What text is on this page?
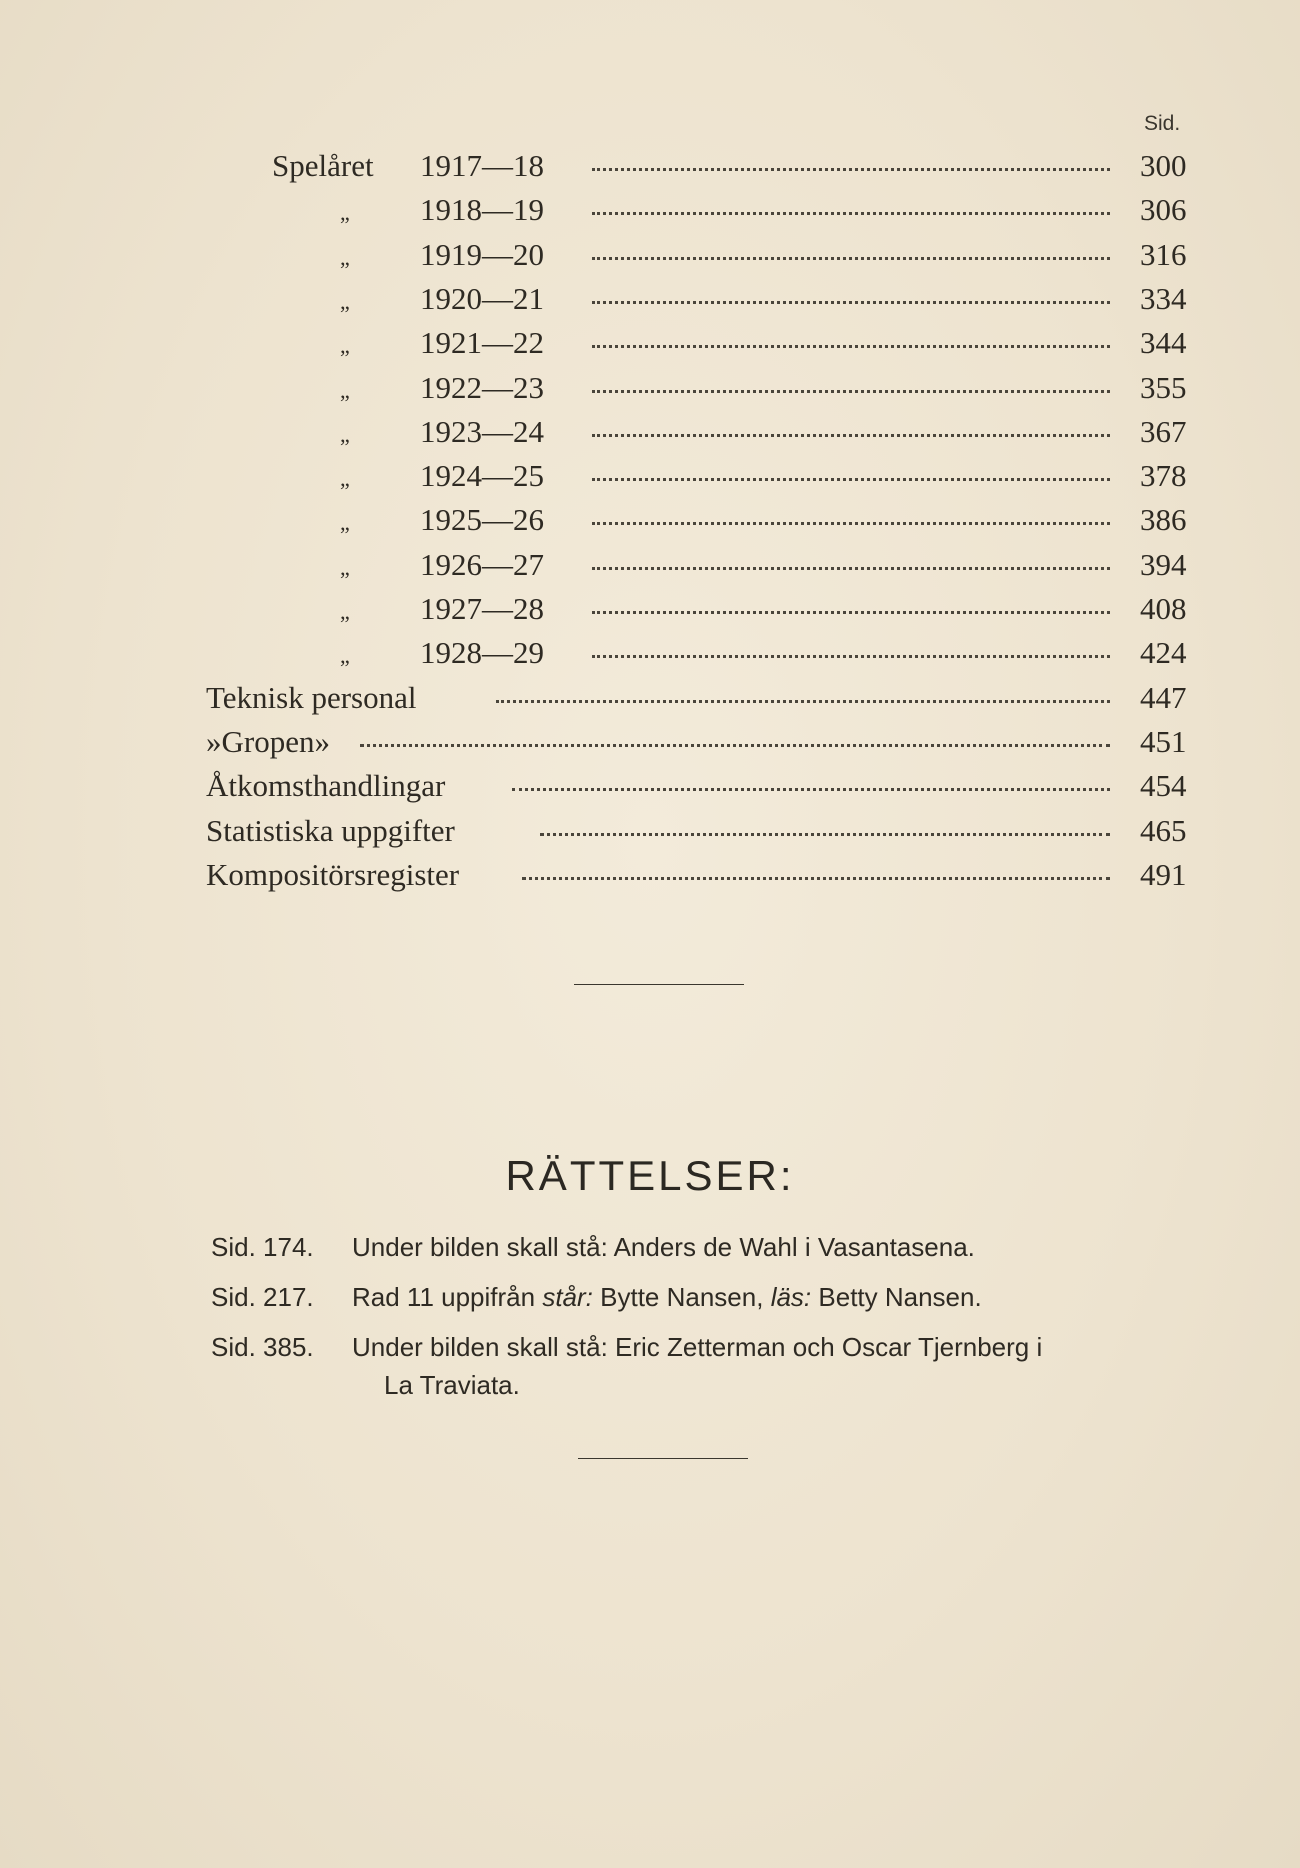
Sid.
Spelåret 1917—18	300
„ 1918—19	306
„ 1919—20	316
„ 1920—21	334
„ 1921—22	344
„ 1922—23	355
„ 1923—24	367
„ 1924—25	378
„ 1925—26	386
„ 1926—27	394
„ 1927—28	408
„ 1928—29	424
Teknisk personal	447
»Gropen»	451
Åtkomsthandlingar	454
Statistiska uppgifter	465
Kompositörsregister	491
RÄTTELSER:
Sid. 174. Under bilden skall stå: Anders de Wahl i Vasantasena.
Sid. 217. Rad 11 uppifrån står: Bytte Nansen, läs: Betty Nansen.
Sid. 385. Under bilden skall stå: Eric Zetterman och Oscar Tjernberg i
La Traviata.
